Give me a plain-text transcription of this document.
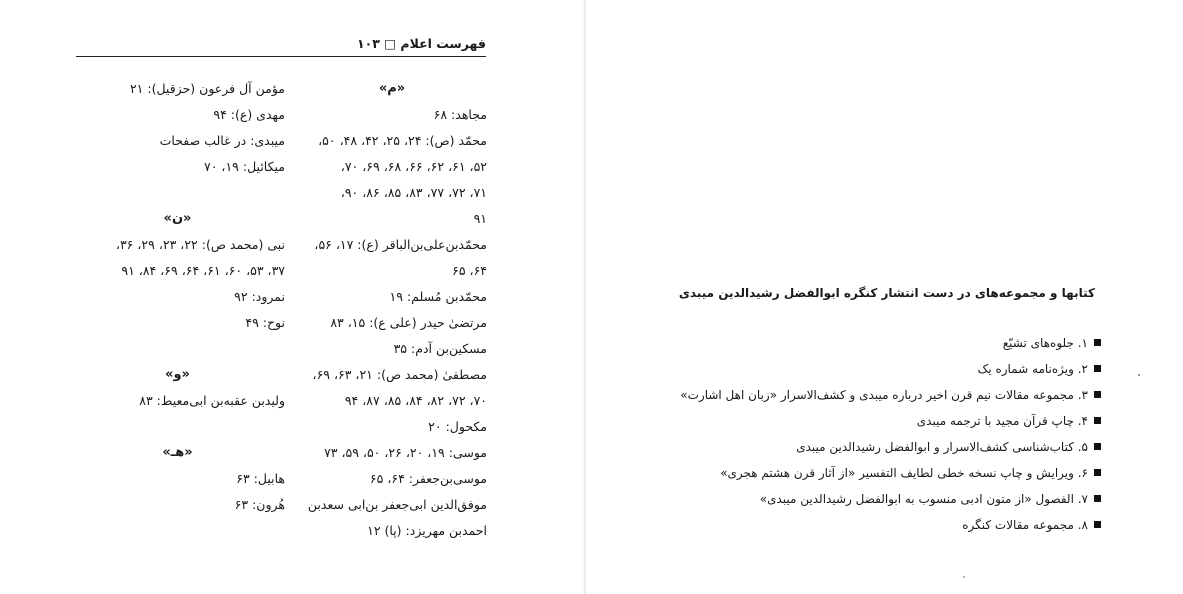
فهرست اعلام □ ۱۰۳
«م»
مجاهد: ۶۸
محمّد (ص): ۲۴، ۲۵، ۴۲، ۴۸، ۵۰،
۵۲، ۶۱، ۶۲، ۶۶، ۶۸، ۶۹، ۷۰،
۷۱، ۷۲، ۷۷، ۸۳، ۸۵، ۸۶، ۹۰،
۹۱
محمّدبن‌علی‌بن‌الباقر (ع): ۱۷، ۵۶،
۶۴، ۶۵
محمّدبن مُسلم: ۱۹
مرتضیٰ حیدر (علی ع): ۱۵، ۸۳
مسکین‌بن آدم: ۳۵
مصطفیٰ (محمد ص): ۲۱، ۶۳، ۶۹،
۷۰، ۷۲، ۸۲، ۸۴، ۸۵، ۸۷، ۹۴
مکحول: ۲۰
موسی: ۱۹، ۲۰، ۲۶، ۵۰، ۵۹، ۷۳
موسی‌بن‌جعفر: ۶۴، ۶۵
موفق‌الدین ابی‌جعفر بن‌ابی سعدبن
احمدبن مهریزد: (پا) ۱۲
مؤمن آل فرعون (حزقیل): ۲۱
مهدی (ع): ۹۴
میبدی: در غالب صفحات
میکائیل: ۱۹، ۷۰
«ن»
نبی (محمد ص): ۲۲، ۲۳، ۲۹، ۳۶،
۳۷، ۵۳، ۶۰، ۶۱، ۶۴، ۶۹، ۸۴، ۹۱
نمرود: ۹۲
نوح: ۴۹
«و»
ولیدبن عقبه‌بن ابی‌معیط: ۸۳
«هـ»
هابیل: ۶۳
هُرون: ۶۳
کتابها و مجموعه‌های در دست انتشار کنگره ابوالفضل رشیدالدین میبدی
۱. جلوه‌های تشیّع
۲. ویژه‌نامه شماره یک
۳. مجموعه مقالات نیم قرن اخیر درباره میبدی و کشف‌الاسرار «زبان اهل اشارت»
۴. چاپ قرآن مجید با ترجمه میبدی
۵. کتاب‌شناسی کشف‌الاسرار و ابوالفضل رشیدالدین میبدی
۶. ویرایش و چاپ نسخه خطی لطایف التفسیر «از آثار قرن هشتم هجری»
۷. الفصول «از متون ادبی منسوب به ابوالفضل رشیدالدین میبدی»
۸. مجموعه مقالات کنگره
